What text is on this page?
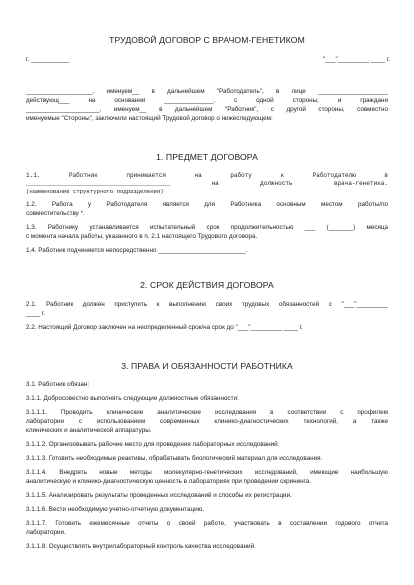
ТРУДОВОЙ ДОГОВОР С ВРАЧОМ-ГЕНЕТИКОМ
г. ___________	"___"_________ ____ г.
___________________, именуем__ в дальнейшем "Работодатель", в лице ____________________
действующ___ на основании ______________, с одной стороны, и граждани
_____________________, именуем__ в дальнейшем "Работник", с другой стороны, совместно
именуемые "Стороны", заключили настоящий Трудовой договор о нижеследующем:
1. ПРЕДМЕТ ДОГОВОРА
1.1. Работник принимается на работу к Работодателю в
________________________________________ на должность врача-генетика.
(наименование структурного подразделения)
1.2. Работа у Работодателя является для Работника основным местом работы/по
совместительству *.
1.3. Работнику устанавливается испытательный срок продолжительностью ___ (_______) месяца
с момента начала работы, указанного в п. 2.1 настоящего Трудового договора.
1.4. Работник подчиняется непосредственно _________________________.
2. СРОК ДЕЙСТВИЯ ДОГОВОРА
2.1. Работник должен приступить к выполнению своих трудовых обязанностей с "___"_________
____ г.
2.2. Настоящий Договор заключен на неопределенный срок/на срок до "___"_________ ____ г.
3. ПРАВА И ОБЯЗАННОСТИ РАБОТНИКА
3.1. Работник обязан:
3.1.1. Добросовестно выполнять следующие должностные обязанности:
3.1.1.1. Проводить клинические аналитические исследования в соответствии с профилем
лаборатории с использованием современных клинико-диагностических технологий, а также
клинических и аналитической аппаратуры.
3.1.1.2. Организовывать рабочее место для проведения лабораторных исследований.
3.1.1.3. Готовить необходимые реактивы, обрабатывать биологический материал для исследования.
3.1.1.4. Внедрять новые методы молекулярно-генетических исследований, имеющие наибольшую
аналитическую и клинико-диагностическую ценность в лабораториях при проведении скрининга.
3.1.1.5. Анализировать результаты проведенных исследований и способы их регистрации.
3.1.1.6. Вести необходимую учетно-отчетную документацию.
3.1.1.7. Готовить ежемесячные отчеты о своей работе, участвовать в составлении годового отчета
лаборатории.
3.1.1.8. Осуществлять внутрилабораторный контроль качества исследований.
